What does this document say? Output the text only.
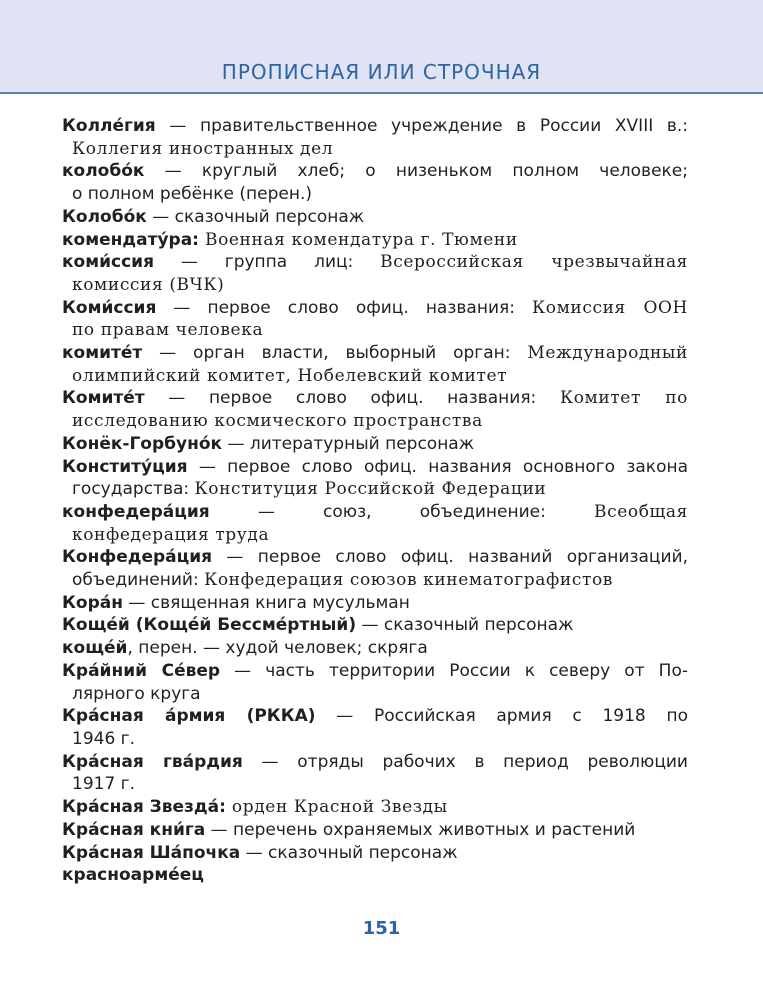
ПРОПИСНАЯ ИЛИ СТРОЧНАЯ
Колле́гия — правительственное учреждение в России XVIII в.:
Коллегия иностранных дел
колобо́к — круглый хлеб; о низеньком полном человеке;
о полном ребёнке (перен.)
Колобо́к — сказочный персонаж
комендату́ра: Военная комендатура г. Тюмени
коми́ссия — группа лиц: Всероссийская чрезвычайная
комиссия (ВЧК)
Коми́ссия — первое слово офиц. названия: Комиссия ООН
по правам человека
комите́т — орган власти, выборный орган: Международный
олимпийский комитет, Нобелевский комитет
Комите́т — первое слово офиц. названия: Комитет по
исследованию космического пространства
Конёк-Горбуно́к — литературный персонаж
Конститу́ция — первое слово офиц. названия основного закона
государства: Конституция Российской Федерации
конфедера́ция — союз, объединение: Всеобщая
конфедерация труда
Конфедера́ция — первое слово офиц. названий организаций,
объединений: Конфедерация союзов кинематографистов
Кора́н — священная книга мусульман
Кощéй (Кощéй Бессме́ртный) — сказочный персонаж
кощéй, перен. — худой человек; скряга
Кра́йний Се́вер — часть территории России к северу от По-
лярного круга
Кра́сная а́рмия (РККА) — Российская армия с 1918 по
1946 г.
Кра́сная гва́рдия — отряды рабочих в период революции
1917 г.
Кра́сная Звезда́: орден Красной Звезды
Кра́сная кни́га — перечень охраняемых животных и растений
Кра́сная Ша́почка — сказочный персонаж
красноарме́ец
151
